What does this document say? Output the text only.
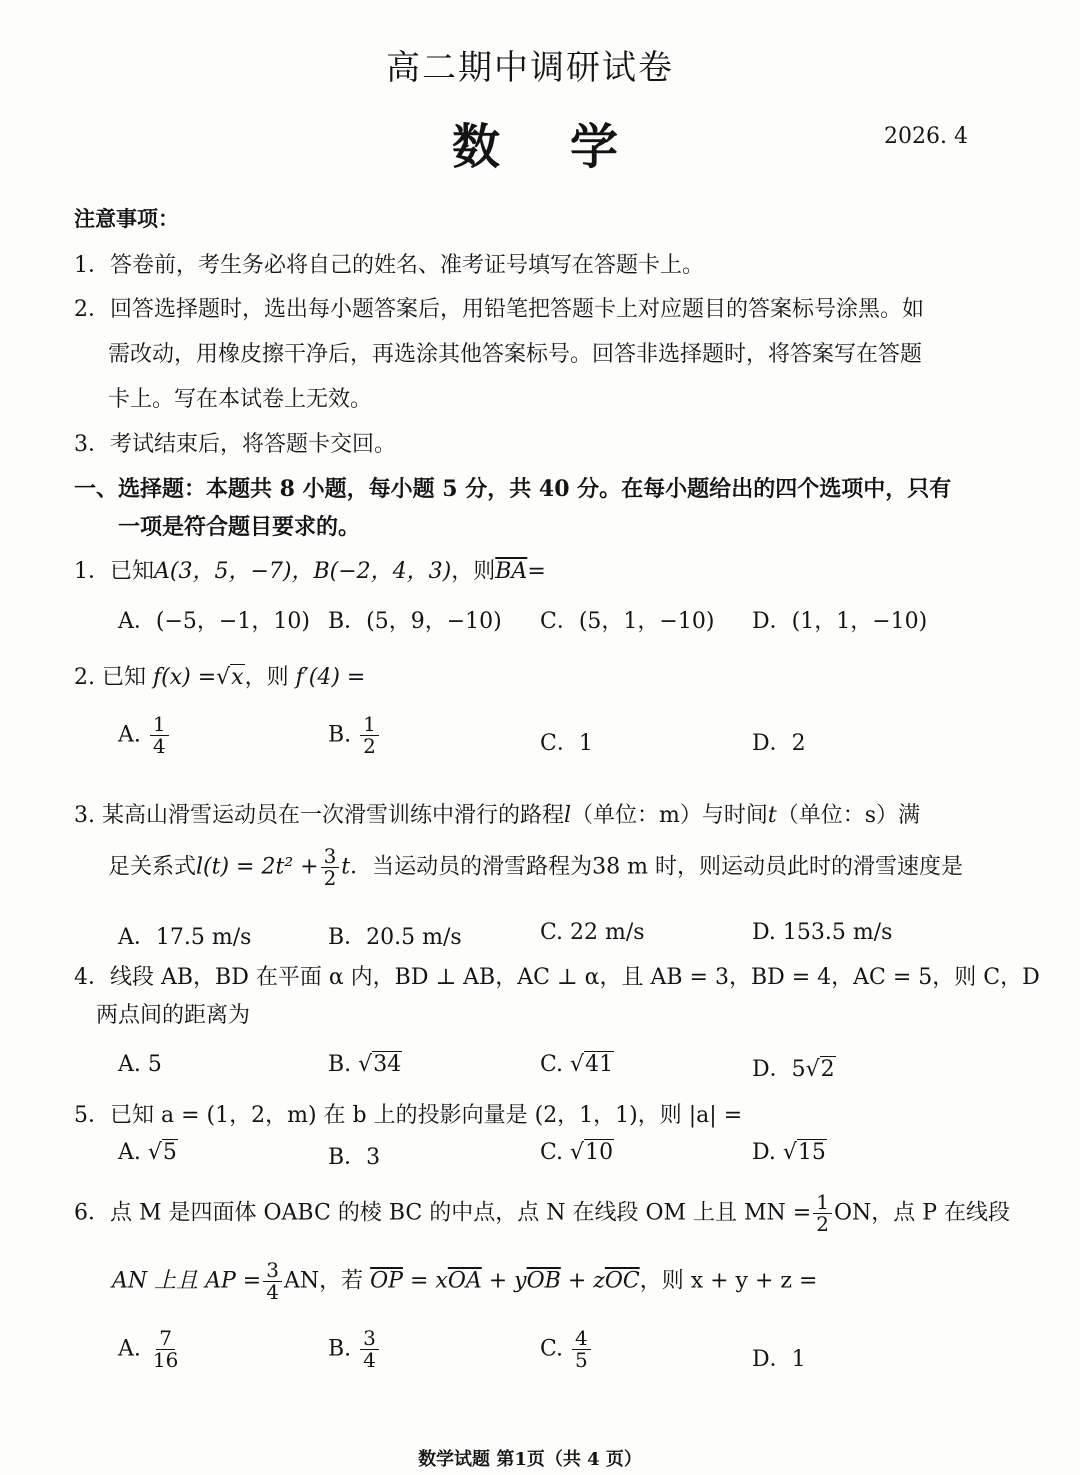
高二期中调研试卷
数学	2026. 4
注意事项：
1．答卷前，考生务必将自己的姓名、准考证号填写在答题卡上。
2．回答选择题时，选出每小题答案后，用铅笔把答题卡上对应题目的答案标号涂黑。如
需改动，用橡皮擦干净后，再选涂其他答案标号。回答非选择题时，将答案写在答题
卡上。写在本试卷上无效。
3．考试结束后，将答题卡交回。
一、选择题：本题共 8 小题，每小题 5 分，共 40 分。在每小题给出的四个选项中，只有
一项是符合题目要求的。
1．已知A(3，5，−7)，B(−2，4，3)，则$\overline{BA}=$
A．(−5，−1，10) B．(5，9，−10) C．(5，1，−10) D．(1，1，−10)
2. 已知 f(x) =√x，则 f′(4) =
A. $\frac{1}{4}$	B. $\frac{1}{2}$	C．1	D．2
3. 某高山滑雪运动员在一次滑雪训练中滑行的路程l（单位：m）与时间t（单位：s）满
足关系式$l(t) = 2t^2 + \frac{3}{2}$ t．当运动员的滑雪路程为38 m 时，则运动员此时的滑雪速度是
A．17.5 m/s	B．20.5 m/s	C. 22 m/s	D. 153.5 m/s
4．线段 AB，BD 在平面 α 内，BD ⊥ AB，AC ⊥ α，且 AB = 3，BD = 4，AC = 5，则 C，D
两点间的距离为
A. 5	B. √34	C. √41	D．5√2
5．已知 a = (1，2，m) 在 b 上的投影向量是 (2，1，1)，则 |a| =
A. √5	B．3	C. √10	D. √15
6．点 M 是四面体 OABC 的棱 BC 的中点，点 N 在线段 OM 上且 MN = $\frac{1}{2}$ ON，点 P 在线段
AN 上且 AP = $\frac{3}{4}$ AN，若 $\overline{OP} = x\overline{OA} + y\overline{OB} + z\overline{OC}$，则 x + y + z =
A. $\frac{7}{16}$	B. $\frac{3}{4}$	C. $\frac{4}{5}$	D．1
数学试题 第1页（共 4 页）
